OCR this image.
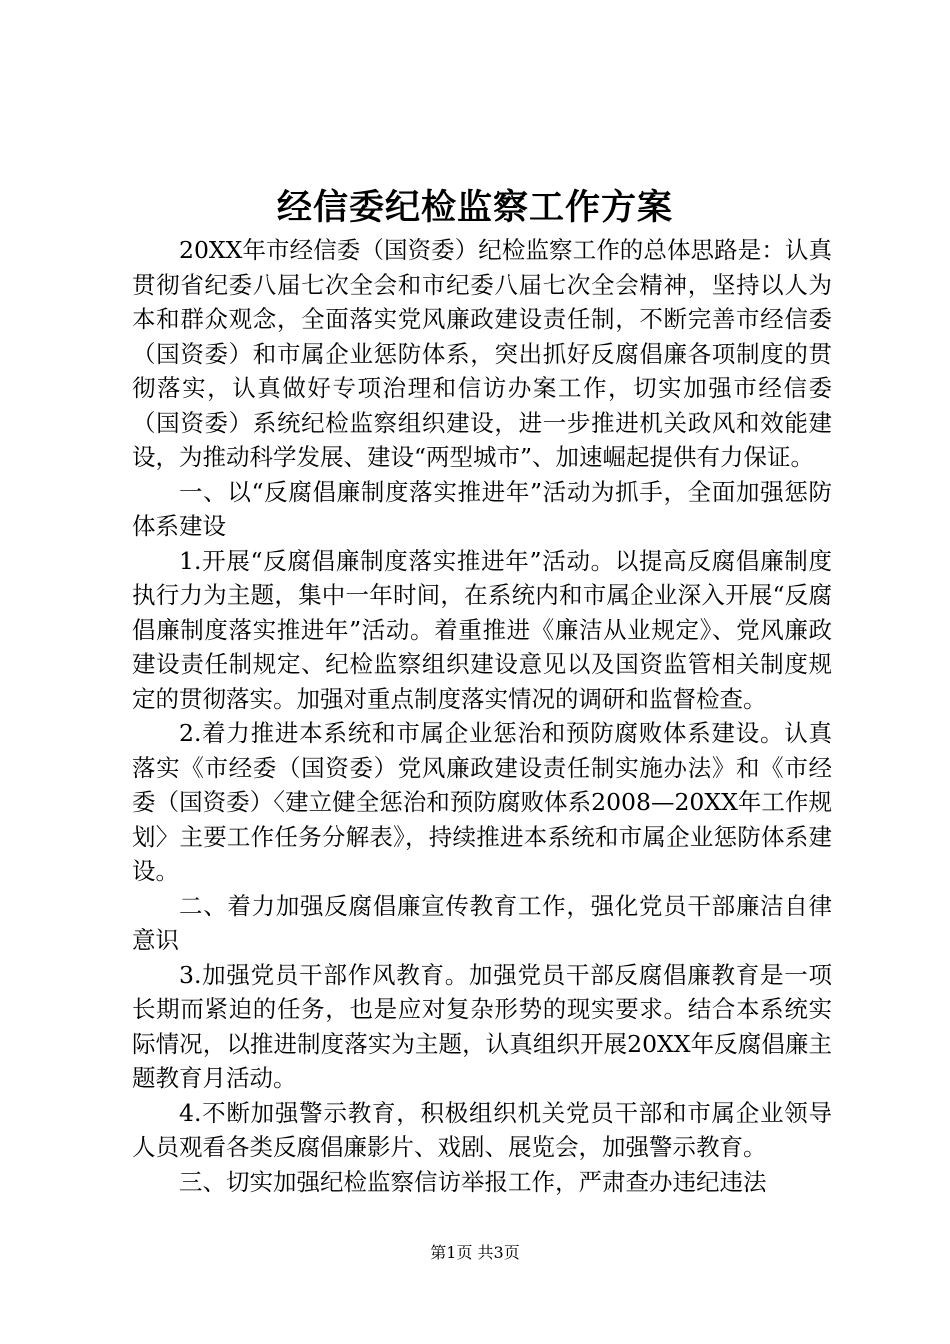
经信委纪检监察工作方案

20XX年市经信委（国资委）纪检监察工作的总体思路是：认真贯彻省纪委八届七次全会和市纪委八届七次全会精神，坚持以人为本和群众观念，全面落实党风廉政建设责任制，不断完善市经信委（国资委）和市属企业惩防体系，突出抓好反腐倡廉各项制度的贯彻落实，认真做好专项治理和信访办案工作，切实加强市经信委（国资委）系统纪检监察组织建设，进一步推进机关政风和效能建设，为推动科学发展、建设“两型城市”、加速崛起提供有力保证。

一、以“反腐倡廉制度落实推进年”活动为抓手，全面加强惩防体系建设

1.开展“反腐倡廉制度落实推进年”活动。以提高反腐倡廉制度执行力为主题，集中一年时间，在系统内和市属企业深入开展“反腐倡廉制度落实推进年”活动。着重推进《廉洁从业规定》、党风廉政建设责任制规定、纪检监察组织建设意见以及国资监管相关制度规定的贯彻落实。加强对重点制度落实情况的调研和监督检查。

2.着力推进本系统和市属企业惩治和预防腐败体系建设。认真落实《市经委（国资委）党风廉政建设责任制实施办法》和《市经委（国资委）〈建立健全惩治和预防腐败体系2008—20XX年工作规划〉主要工作任务分解表》，持续推进本系统和市属企业惩防体系建设。

二、着力加强反腐倡廉宣传教育工作，强化党员干部廉洁自律意识

3.加强党员干部作风教育。加强党员干部反腐倡廉教育是一项长期而紧迫的任务，也是应对复杂形势的现实要求。结合本系统实际情况，以推进制度落实为主题，认真组织开展20XX年反腐倡廉主题教育月活动。

4.不断加强警示教育，积极组织机关党员干部和市属企业领导人员观看各类反腐倡廉影片、戏剧、展览会，加强警示教育。

三、切实加强纪检监察信访举报工作，严肃查办违纪违法

第1页 共3页
